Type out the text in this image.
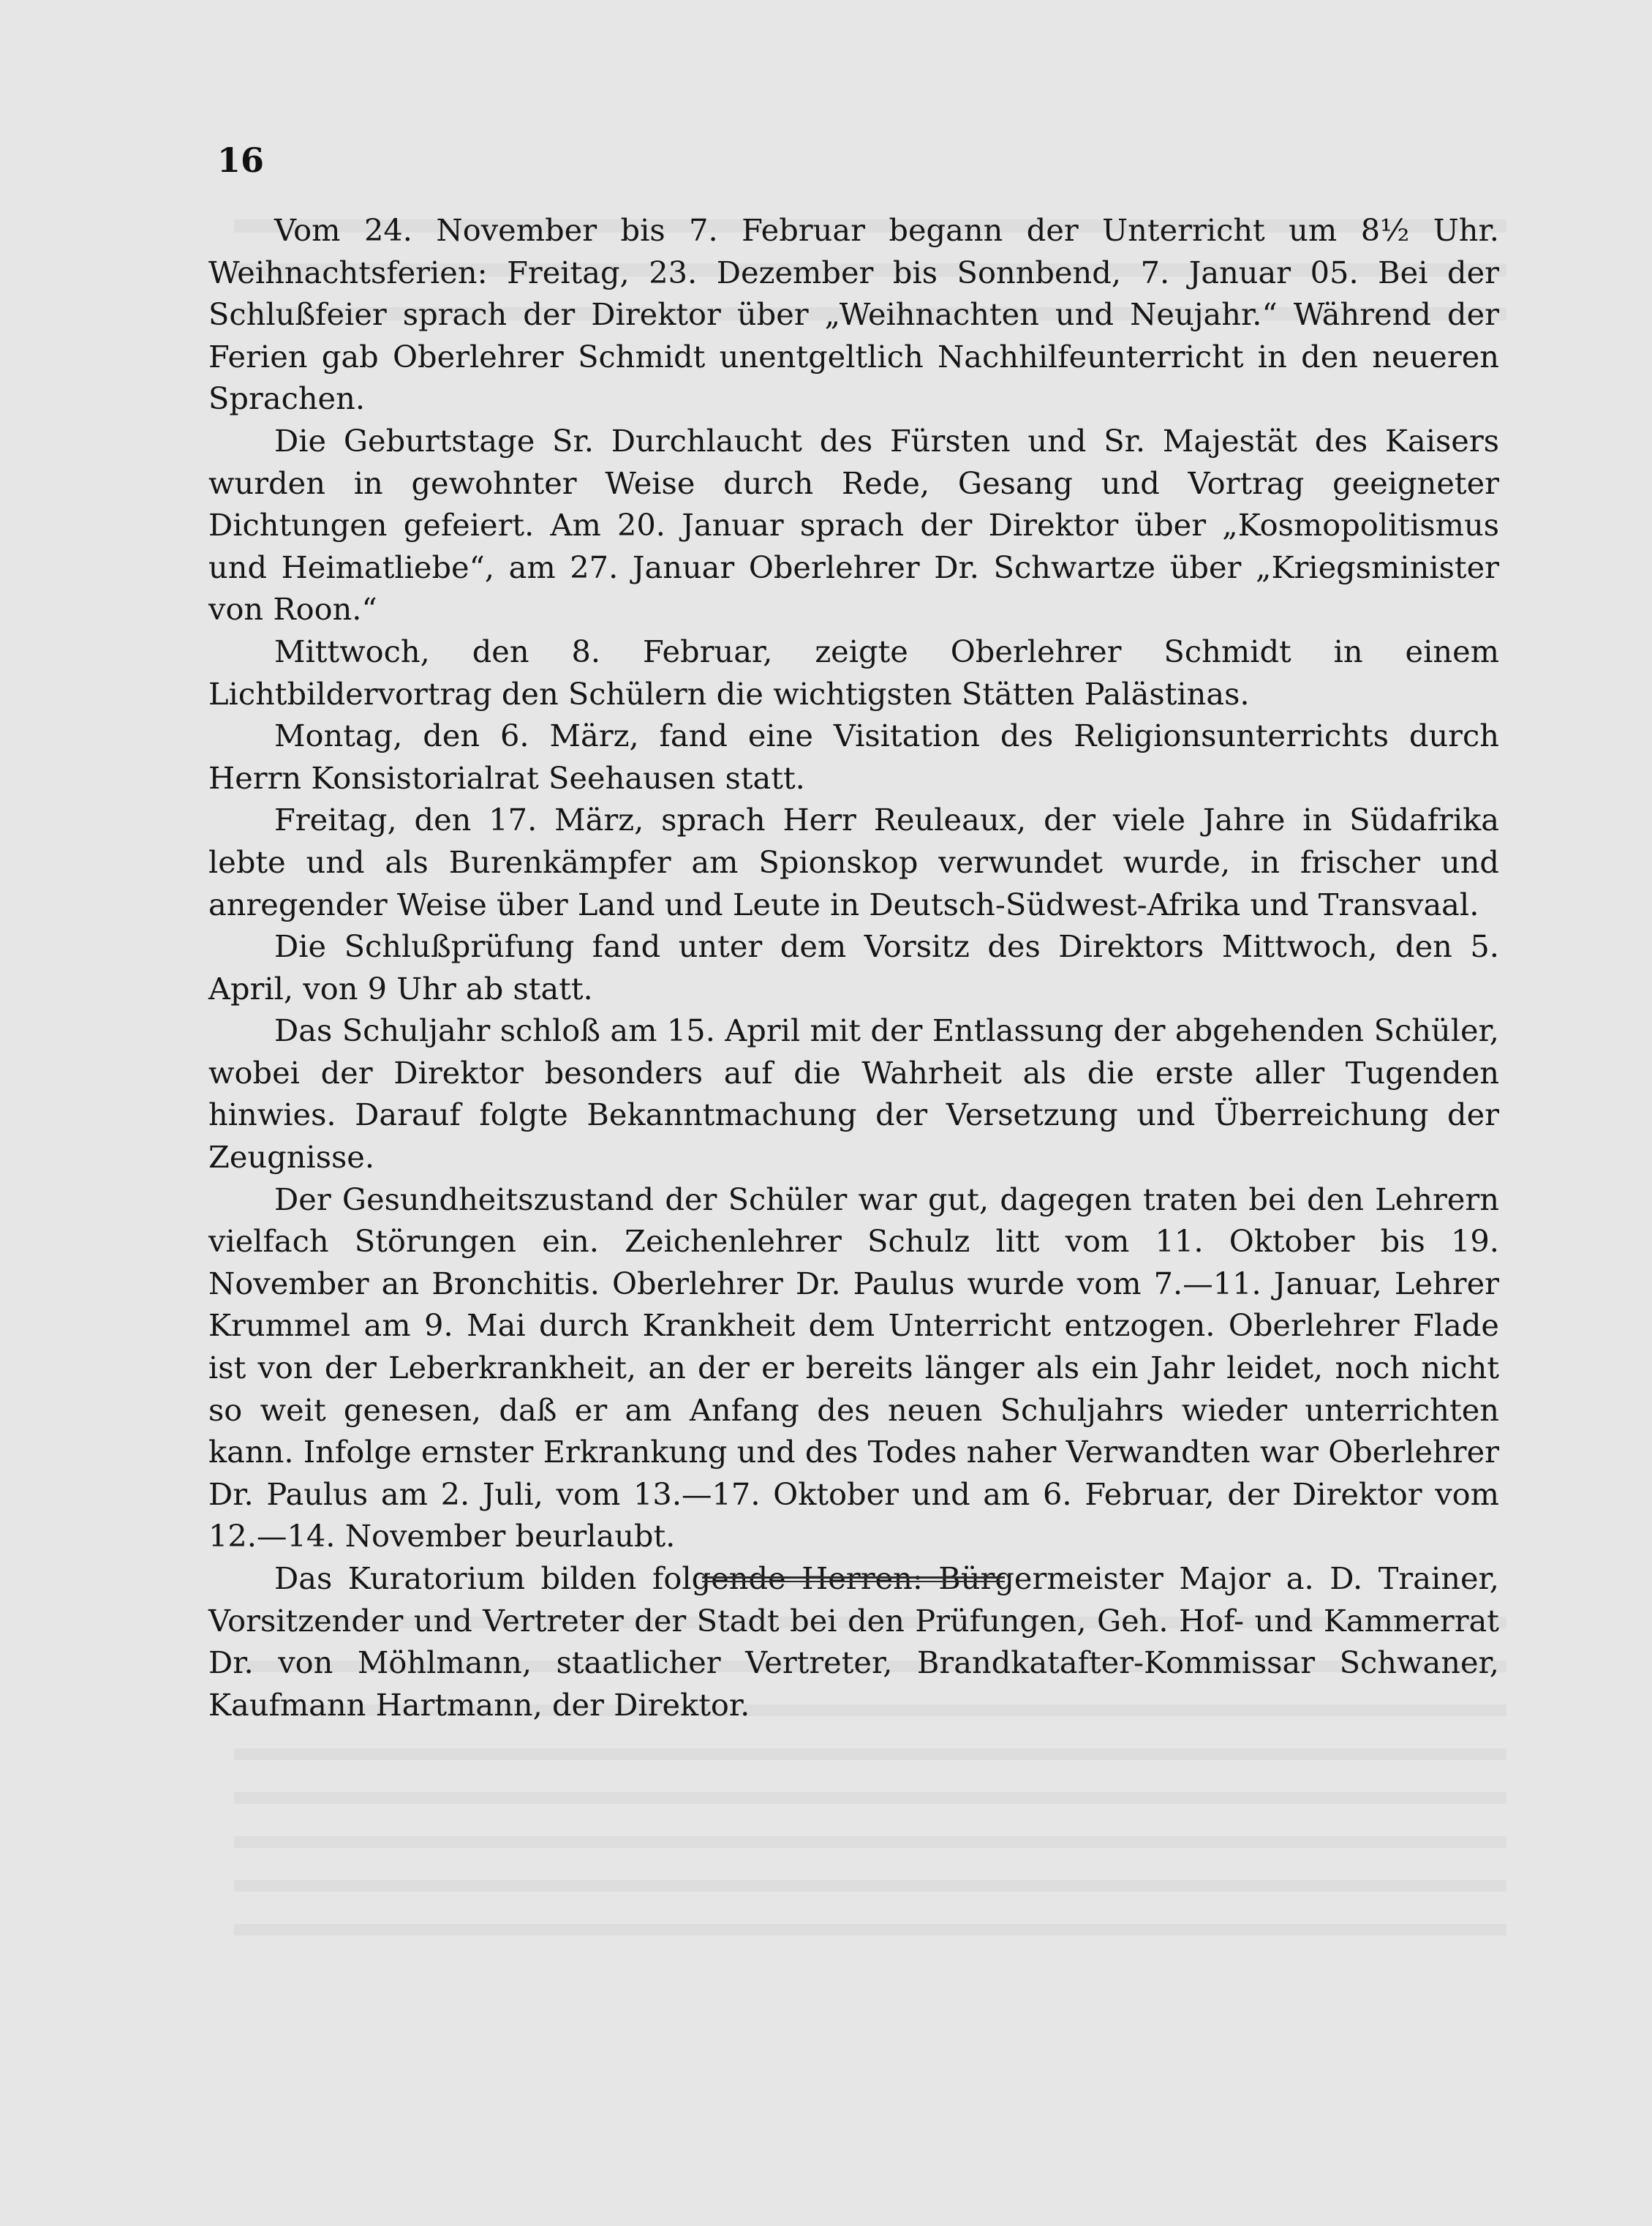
16

Vom 24. November bis 7. Februar begann der Unterricht um 8½ Uhr. Weihnachtsferien: Freitag, 23. Dezember bis Sonnbend, 7. Januar 05. Bei der Schlußfeier sprach der Direktor über „Weihnachten und Neujahr.“ Während der Ferien gab Oberlehrer Schmidt unentgeltlich Nachhilfeunterricht in den neueren Sprachen.

Die Geburtstage Sr. Durchlaucht des Fürsten und Sr. Majestät des Kaisers wurden in gewohnter Weise durch Rede, Gesang und Vortrag geeigneter Dichtungen gefeiert. Am 20. Januar sprach der Direktor über „Kosmopolitismus und Heimatliebe“, am 27. Januar Oberlehrer Dr. Schwartze über „Kriegsminister von Roon.“

Mittwoch, den 8. Februar, zeigte Oberlehrer Schmidt in einem Lichtbildervortrag den Schülern die wichtigsten Stätten Palästinas.

Montag, den 6. März, fand eine Visitation des Religionsunterrichts durch Herrn Konsistorialrat Seehausen statt.

Freitag, den 17. März, sprach Herr Reuleaux, der viele Jahre in Südafrika lebte und als Burenkämpfer am Spionskop verwundet wurde, in frischer und anregender Weise über Land und Leute in Deutsch-Südwest-Afrika und Transvaal.

Die Schlußprüfung fand unter dem Vorsitz des Direktors Mittwoch, den 5. April, von 9 Uhr ab statt.

Das Schuljahr schloß am 15. April mit der Entlassung der abgehenden Schüler, wobei der Direktor besonders auf die Wahrheit als die erste aller Tugenden hinwies. Darauf folgte Bekanntmachung der Versetzung und Überreichung der Zeugnisse.

Der Gesundheitszustand der Schüler war gut, dagegen traten bei den Lehrern vielfach Störungen ein. Zeichenlehrer Schulz litt vom 11. Oktober bis 19. November an Bronchitis. Oberlehrer Dr. Paulus wurde vom 7.—11. Januar, Lehrer Krummel am 9. Mai durch Krankheit dem Unterricht entzogen. Oberlehrer Flade ist von der Leberkrankheit, an der er bereits länger als ein Jahr leidet, noch nicht so weit genesen, daß er am Anfang des neuen Schuljahrs wieder unterrichten kann. Infolge ernster Erkrankung und des Todes naher Verwandten war Oberlehrer Dr. Paulus am 2. Juli, vom 13.—17. Oktober und am 6. Februar, der Direktor vom 12.—14. November beurlaubt.

Das Kuratorium bilden folgende Herren: Bürgermeister Major a. D. Trainer, Vorsitzender und Vertreter der Stadt bei den Prüfungen, Geh. Hof- und Kammerrat Dr. von Möhlmann, staatlicher Vertreter, Brandkatafter-Kommissar Schwaner, Kaufmann Hartmann, der Direktor.
